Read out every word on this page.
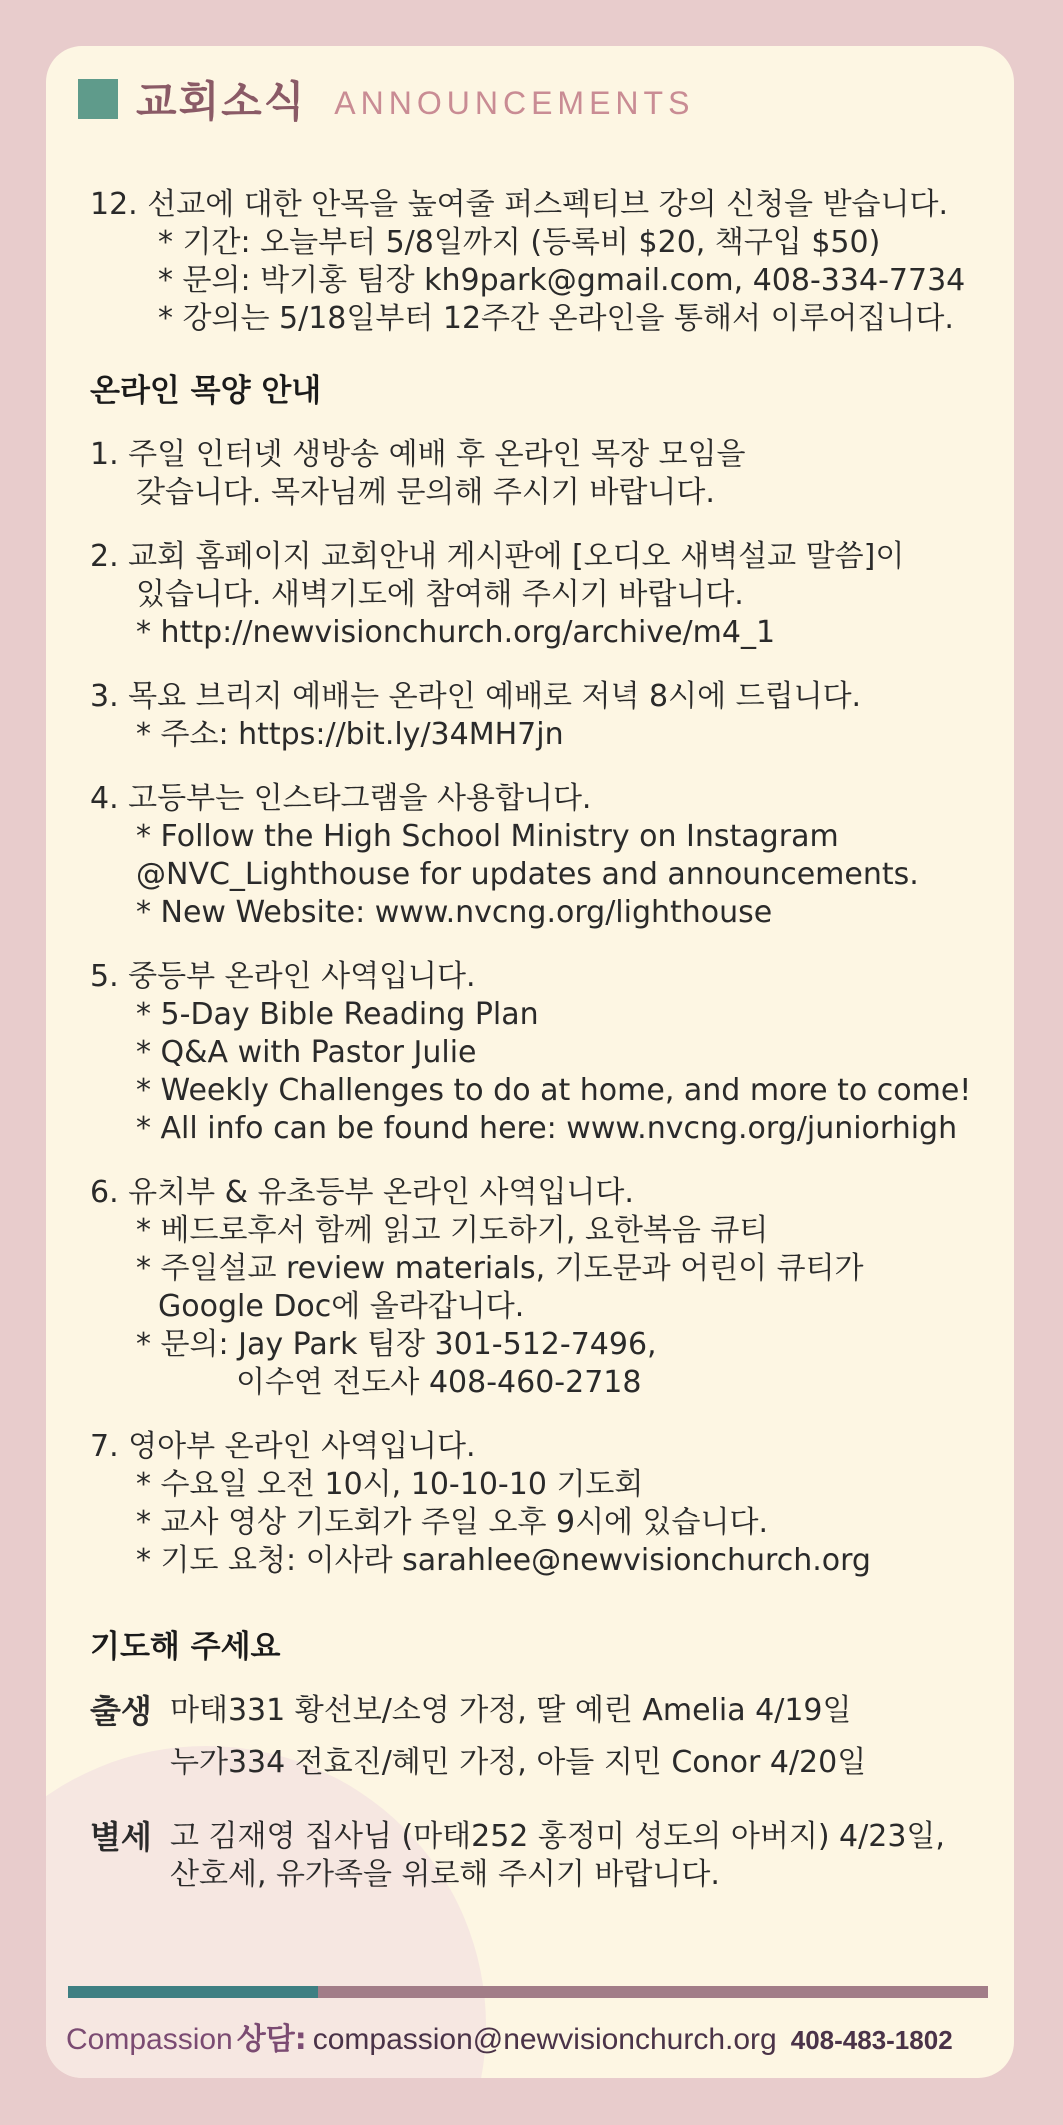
교회소식 ANNOUNCEMENTS
12. 선교에 대한 안목을 높여줄 퍼스펙티브 강의 신청을 받습니다.
* 기간: 오늘부터 5/8일까지 (등록비 $20, 책구입 $50)
* 문의: 박기홍 팀장 kh9park@gmail.com, 408-334-7734
* 강의는 5/18일부터 12주간 온라인을 통해서 이루어집니다.
온라인 목양 안내
1. 주일 인터넷 생방송 예배 후 온라인 목장 모임을
갖습니다. 목자님께 문의해 주시기 바랍니다.
2. 교회 홈페이지 교회안내 게시판에 [오디오 새벽설교 말씀]이
있습니다. 새벽기도에 참여해 주시기 바랍니다.
* http://newvisionchurch.org/archive/m4_1
3. 목요 브리지 예배는 온라인 예배로 저녁 8시에 드립니다.
* 주소: https://bit.ly/34MH7jn
4. 고등부는 인스타그램을 사용합니다.
* Follow the High School Ministry on Instagram
@NVC_Lighthouse for updates and announcements.
* New Website: www.nvcng.org/lighthouse
5. 중등부 온라인 사역입니다.
* 5-Day Bible Reading Plan
* Q&A with Pastor Julie
* Weekly Challenges to do at home, and more to come!
* All info can be found here: www.nvcng.org/juniorhigh
6. 유치부 & 유초등부 온라인 사역입니다.
* 베드로후서 함께 읽고 기도하기, 요한복음 큐티
* 주일설교 review materials, 기도문과 어린이 큐티가
Google Doc에 올라갑니다.
* 문의: Jay Park 팀장 301-512-7496,
이수연 전도사 408-460-2718
7. 영아부 온라인 사역입니다.
* 수요일 오전 10시, 10-10-10 기도회
* 교사 영상 기도회가 주일 오후 9시에 있습니다.
* 기도 요청: 이사라 sarahlee@newvisionchurch.org
기도해 주세요
출생 마태331 황선보/소영 가정, 딸 예린 Amelia 4/19일
누가334 전효진/혜민 가정, 아들 지민 Conor 4/20일
별세 고 김재영 집사님 (마태252 홍정미 성도의 아버지) 4/23일,
산호세, 유가족을 위로해 주시기 바랍니다.
Compassion 상담: compassion@newvisionchurch.org 408-483-1802
